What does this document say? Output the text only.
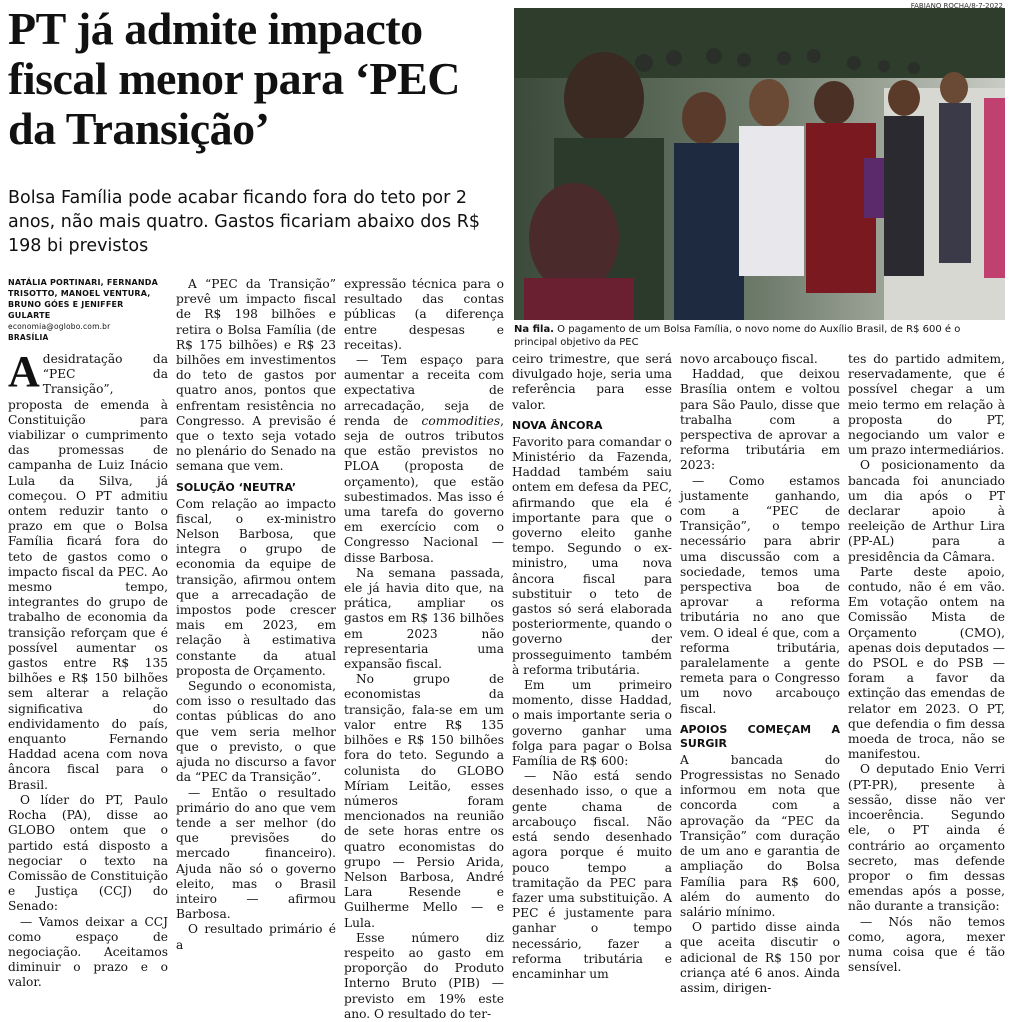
PT já admite impacto fiscal menor para ‘PEC da Transição’

Bolsa Família pode acabar ficando fora do teto por 2 anos, não mais quatro. Gastos ficariam abaixo dos R$ 198 bi previstos

FABIANO ROCHA/8-7-2022
Na fila. O pagamento de um Bolsa Família, o novo nome do Auxílio Brasil, de R$ 600 é o principal objetivo da PEC
NATÁLIA PORTINARI, FERNANDA TRISOTTO, MANOEL VENTURA, BRUNO GÓES E JENIFFER GULARTE
economia@oglobo.com.br
BRASÍLIA

Adesidratação da “PEC da Transição”, proposta de emenda à Constituição para viabilizar o cumprimento das promessas de campanha de Luiz Inácio Lula da Silva, já começou. O PT admitiu ontem reduzir tanto o prazo em que o Bolsa Família ficará fora do teto de gastos como o impacto fiscal da PEC. Ao mesmo tempo, integrantes do grupo de trabalho de economia da transição reforçam que é possível aumentar os gastos entre R$ 135 bilhões e R$ 150 bilhões sem alterar a relação significativa do endividamento do país, enquanto Fernando Haddad acena com nova âncora fiscal para o Brasil.

O líder do PT, Paulo Rocha (PA), disse ao GLOBO ontem que o partido está disposto a negociar o texto na Comissão de Constituição e Justiça (CCJ) do Senado:

— Vamos deixar a CCJ como espaço de negociação. Aceitamos diminuir o prazo e o valor.

A “PEC da Transição” prevê um impacto fiscal de R$ 198 bilhões e retira o Bolsa Família (de R$ 175 bilhões) e R$ 23 bilhões em investimentos do teto de gastos por quatro anos, pontos que enfrentam resistência no Congresso. A previsão é que o texto seja votado no plenário do Senado na semana que vem.

SOLUÇÃO ‘NEUTRA’

Com relação ao impacto fiscal, o ex-ministro Nelson Barbosa, que integra o grupo de economia da equipe de transição, afirmou ontem que a arrecadação de impostos pode crescer mais em 2023, em relação à estimativa constante da atual proposta de Orçamento.

Segundo o economista, com isso o resultado das contas públicas do ano que vem seria melhor que o previsto, o que ajuda no discurso a favor da “PEC da Transição”.

— Então o resultado primário do ano que vem tende a ser melhor (do que previsões do mercado financeiro). Ajuda não só o governo eleito, mas o Brasil inteiro — afirmou Barbosa.

O resultado primário é a

expressão técnica para o resultado das contas públicas (a diferença entre despesas e receitas).

— Tem espaço para aumentar a receita com expectativa de arrecadação, seja de renda de commodities, seja de outros tributos que estão previstos no PLOA (proposta de orçamento), que estão subestimados. Mas isso é uma tarefa do governo em exercício com o Congresso Nacional — disse Barbosa.

Na semana passada, ele já havia dito que, na prática, ampliar os gastos em R$ 136 bilhões em 2023 não representaria uma expansão fiscal.

No grupo de economistas da transição, fala-se em um valor entre R$ 135 bilhões e R$ 150 bilhões fora do teto. Segundo a colunista do GLOBO Míriam Leitão, esses números foram mencionados na reunião de sete horas entre os quatro economistas do grupo — Persio Arida, Nelson Barbosa, André Lara Resende e Guilherme Mello — e Lula.

Esse número diz respeito ao gasto em proporção do Produto Interno Bruto (PIB) — previsto em 19% este ano. O resultado do ter-

ceiro trimestre, que será divulgado hoje, seria uma referência para esse valor.

NOVA ÂNCORA

Favorito para comandar o Ministério da Fazenda, Haddad também saiu ontem em defesa da PEC, afirmando que ela é importante para que o governo eleito ganhe tempo. Segundo o ex-ministro, uma nova âncora fiscal para substituir o teto de gastos só será elaborada posteriormente, quando o governo der prosseguimento também à reforma tributária.

Em um primeiro momento, disse Haddad, o mais importante seria o governo ganhar uma folga para pagar o Bolsa Família de R$ 600:

— Não está sendo desenhado isso, o que a gente chama de arcabouço fiscal. Não está sendo desenhado agora porque é muito pouco tempo a tramitação da PEC para fazer uma substituição. A PEC é justamente para ganhar o tempo necessário, fazer a reforma tributária e encaminhar um

novo arcabouço fiscal.

Haddad, que deixou Brasília ontem e voltou para São Paulo, disse que trabalha com a perspectiva de aprovar a reforma tributária em 2023:

— Como estamos justamente ganhando, com a “PEC de Transição”, o tempo necessário para abrir uma discussão com a sociedade, temos uma perspectiva boa de aprovar a reforma tributária no ano que vem. O ideal é que, com a reforma tributária, paralelamente a gente remeta para o Congresso um novo arcabouço fiscal.

APOIOS COMEÇAM A SURGIR

A bancada do Progressistas no Senado informou em nota que concorda com a aprovação da “PEC da Transição” com duração de um ano e garantia de ampliação do Bolsa Família para R$ 600, além do aumento do salário mínimo.

O partido disse ainda que aceita discutir o adicional de R$ 150 por criança até 6 anos. Ainda assim, dirigen-

tes do partido admitem, reservadamente, que é possível chegar a um meio termo em relação à proposta do PT, negociando um valor e um prazo intermediários.

O posicionamento da bancada foi anunciado um dia após o PT declarar apoio à reeleição de Arthur Lira (PP-AL) para a presidência da Câmara.

Parte deste apoio, contudo, não é em vão. Em votação ontem na Comissão Mista de Orçamento (CMO), apenas dois deputados — do PSOL e do PSB — foram a favor da extinção das emendas de relator em 2023. O PT, que defendia o fim dessa moeda de troca, não se manifestou.

O deputado Enio Verri (PT-PR), presente à sessão, disse não ver incoerência. Segundo ele, o PT ainda é contrário ao orçamento secreto, mas defende propor o fim dessas emendas após a posse, não durante a transição:

— Nós não temos como, agora, mexer numa coisa que é tão sensível.
